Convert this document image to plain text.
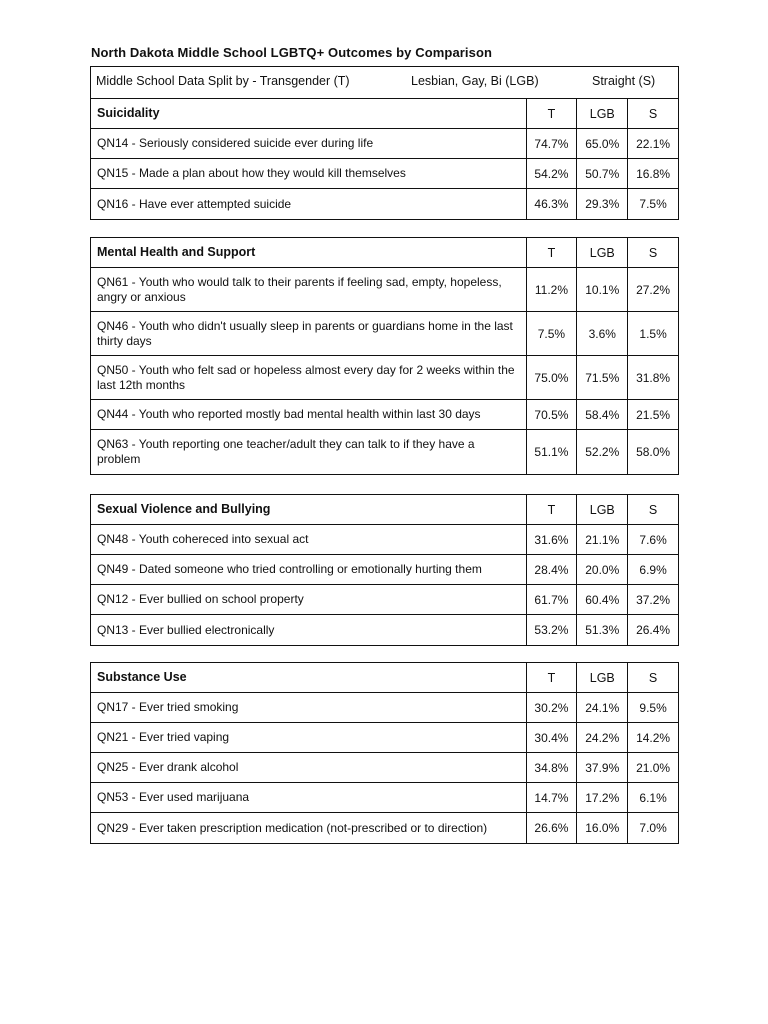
North Dakota Middle School LGBTQ+ Outcomes by Comparison
Middle School Data Split by - Transgender (T)	Lesbian, Gay, Bi (LGB)	Straight (S)
Suicidality	T	LGB	S
QN14 - Seriously considered suicide ever during life	74.7%	65.0%	22.1%
QN15 - Made a plan about how they would kill themselves	54.2%	50.7%	16.8%
QN16 - Have ever attempted suicide	46.3%	29.3%	7.5%
Mental Health and Support	T	LGB	S
QN61 - Youth who would talk to their parents if feeling sad, empty, hopeless, angry or anxious	11.2%	10.1%	27.2%
QN46 - Youth who didn't usually sleep in parents or guardians home in the last thirty days	7.5%	3.6%	1.5%
QN50 - Youth who felt sad or hopeless almost every day for 2 weeks within the last 12th months	75.0%	71.5%	31.8%
QN44 - Youth who reported mostly bad mental health within last 30 days	70.5%	58.4%	21.5%
QN63 - Youth reporting one teacher/adult they can talk to if they have a problem	51.1%	52.2%	58.0%
Sexual Violence and Bullying	T	LGB	S
QN48 - Youth cohereced into sexual act	31.6%	21.1%	7.6%
QN49 - Dated someone who tried controlling or emotionally hurting them	28.4%	20.0%	6.9%
QN12 - Ever bullied on school property	61.7%	60.4%	37.2%
QN13 - Ever bullied electronically	53.2%	51.3%	26.4%
Substance Use	T	LGB	S
QN17 - Ever tried smoking	30.2%	24.1%	9.5%
QN21 - Ever tried vaping	30.4%	24.2%	14.2%
QN25 - Ever drank alcohol	34.8%	37.9%	21.0%
QN53 - Ever used marijuana	14.7%	17.2%	6.1%
QN29 - Ever taken prescription medication (not-prescribed or to direction)	26.6%	16.0%	7.0%
